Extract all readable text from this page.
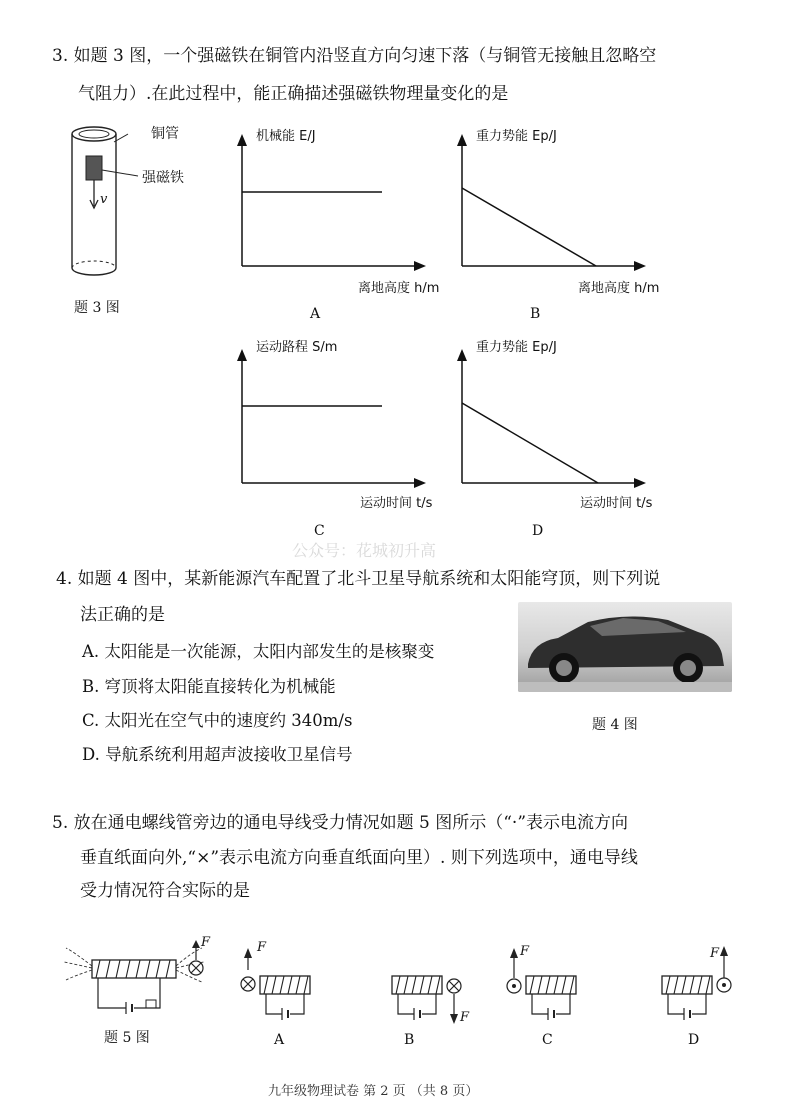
3. 如题 3 图，一个强磁铁在铜管内沿竖直方向匀速下落（与铜管无接触且忽略空
气阻力）.在此过程中，能正确描述强磁铁物理量变化的是
铜管
强磁铁
v
题 3 图
机械能 E/J
离地高度 h/m
A
重力势能 Ep/J
离地高度 h/m
B
运动路程 S/m
运动时间 t/s
C
重力势能 Ep/J
运动时间 t/s
D
公众号：花城初升高
4. 如题 4 图中，某新能源汽车配置了北斗卫星导航系统和太阳能穹顶，则下列说
法正确的是
A. 太阳能是一次能源，太阳内部发生的是核聚变
B. 穹顶将太阳能直接转化为机械能
C. 太阳光在空气中的速度约 340m/s
D. 导航系统利用超声波接收卫星信号
题 4 图
5. 放在通电螺线管旁边的通电导线受力情况如题 5 图所示（“·”表示电流方向
垂直纸面向外,“×”表示电流方向垂直纸面向里）. 则下列选项中，通电导线
受力情况符合实际的是
F
题 5 图
F
A
F
B
F
C
F
D
九年级物理试卷 第 2 页 （共 8 页）
